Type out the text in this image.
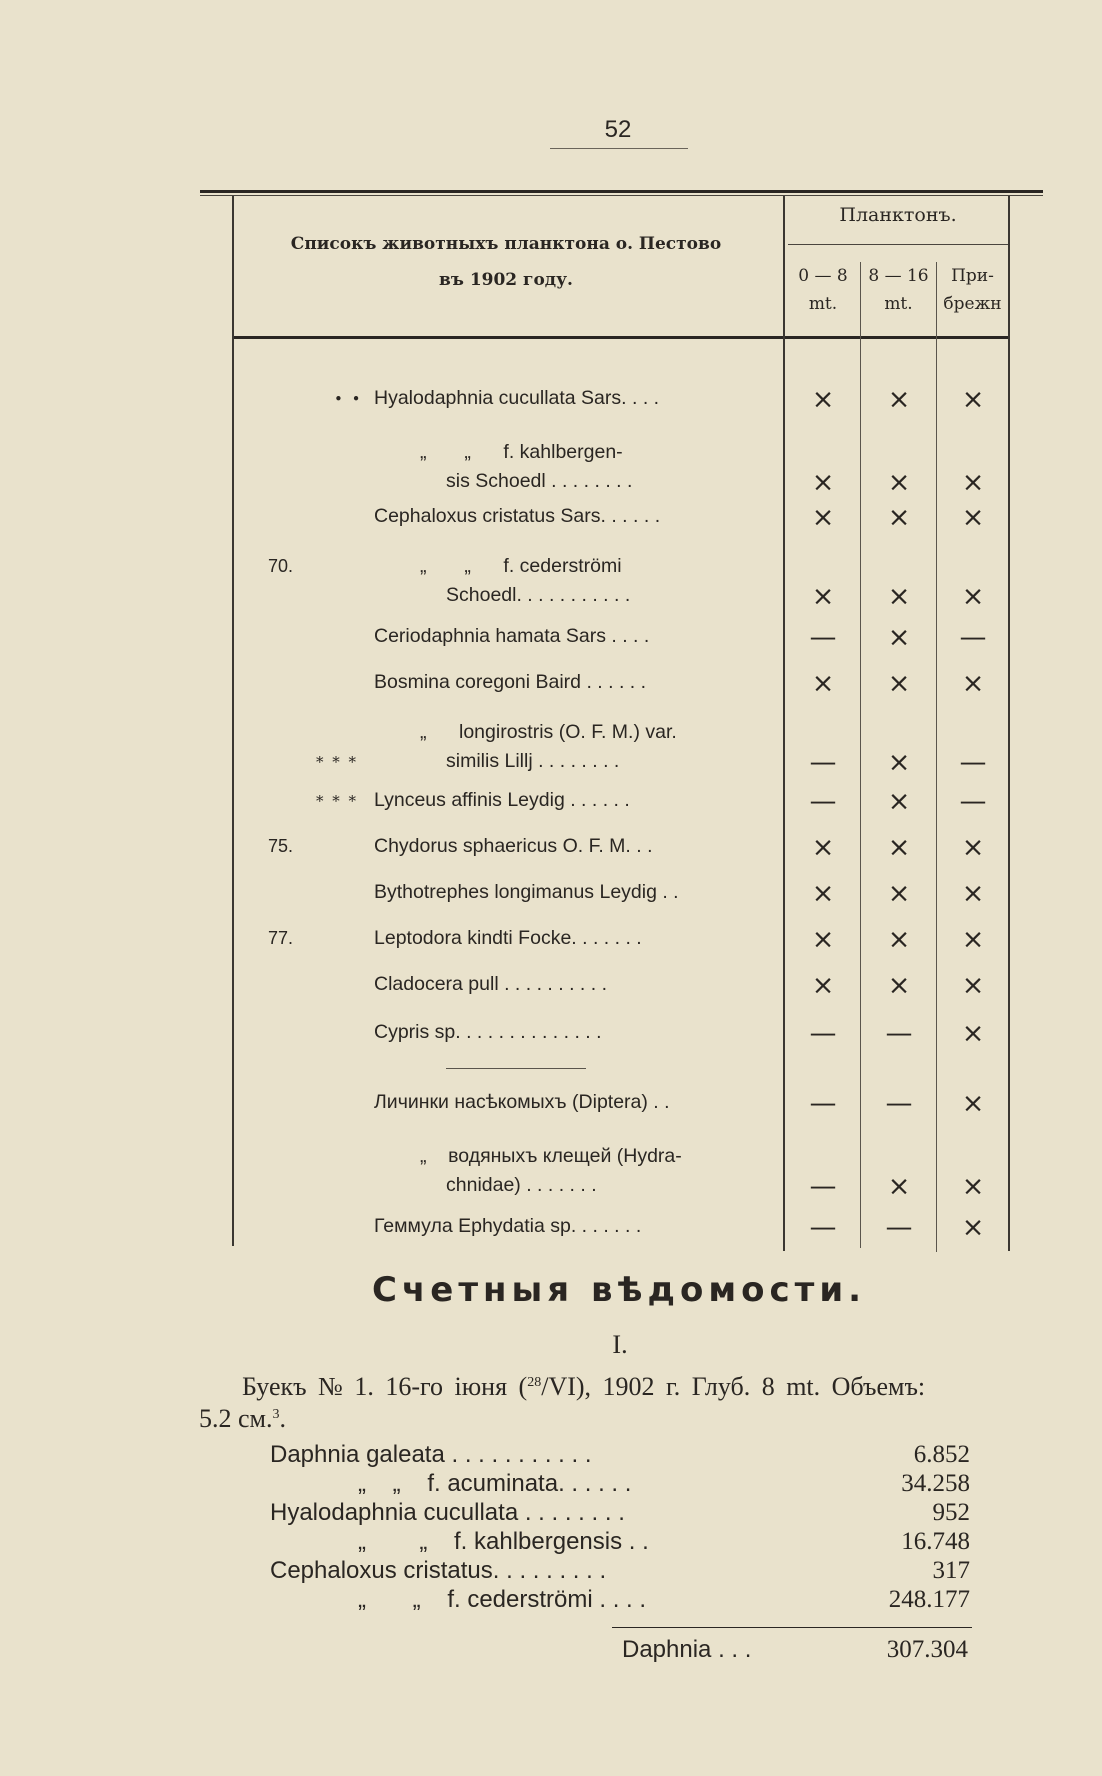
52
Списокъ животныхъ планктона о. Пестово
въ 1902 году.
Планктонъ.
0 — 8
mt.
8 — 16
mt.
При-
брежн
• • Hyalodaphnia cucullata Sars. . . .	×	×	×
„       „      f. kahlbergen-
sis Schoedl . . . . . . . .	×	×	×
Cephaloxus cristatus Sars. . . . . .	×	×	×
70.	„       „      f. cederströmi
Schoedl. . . . . . . . . . .	×	×	×
Ceriodaphnia hamata Sars . . . .	—	×	—
Bosmina coregoni Baird . . . . . .	×	×	×
* * *
„      longirostris (O. F. M.) var.
similis Lillj . . . . . . . .	—	×	—
* * * Lynceus affinis Leydig . . . . . .	—	×	—
75.	Chydorus sphaericus O. F. M. . .	×	×	×
Bythotrephes longimanus Leydig . .	×	×	×
77.	Leptodora kindti Focke. . . . . . .	×	×	×
Cladocera pull . . . . . . . . . .	×	×	×
Cypris sp. . . . . . . . . . . . . .	—	—	×
Личинки насѣкомыхъ (Diptera) . .	—	—	×
„    водяныхъ клещей (Hydra-
chnidae) . . . . . . .	—	×	×
Геммула Ephydatia sp. . . . . . .	—	—	×
Счетныя вѣдомости.
I.
Буекъ № 1. 16-го іюня ($^{28}$/VI), 1902 г. Глуб. 8 mt. Объемъ:
5.2 см.$^3$.
Daphnia galeata . . . . . . . . . . .	6.852
„    „    f. acuminata. . . . . .	34.258
Hyalodaphnia cucullata . . . . . . . .	952
„        „    f. kahlbergensis . .	16.748
Cephaloxus cristatus. . . . . . . . .	317
„       „    f. cederströmi . . . .	248.177
Daphnia . . .	307.304
